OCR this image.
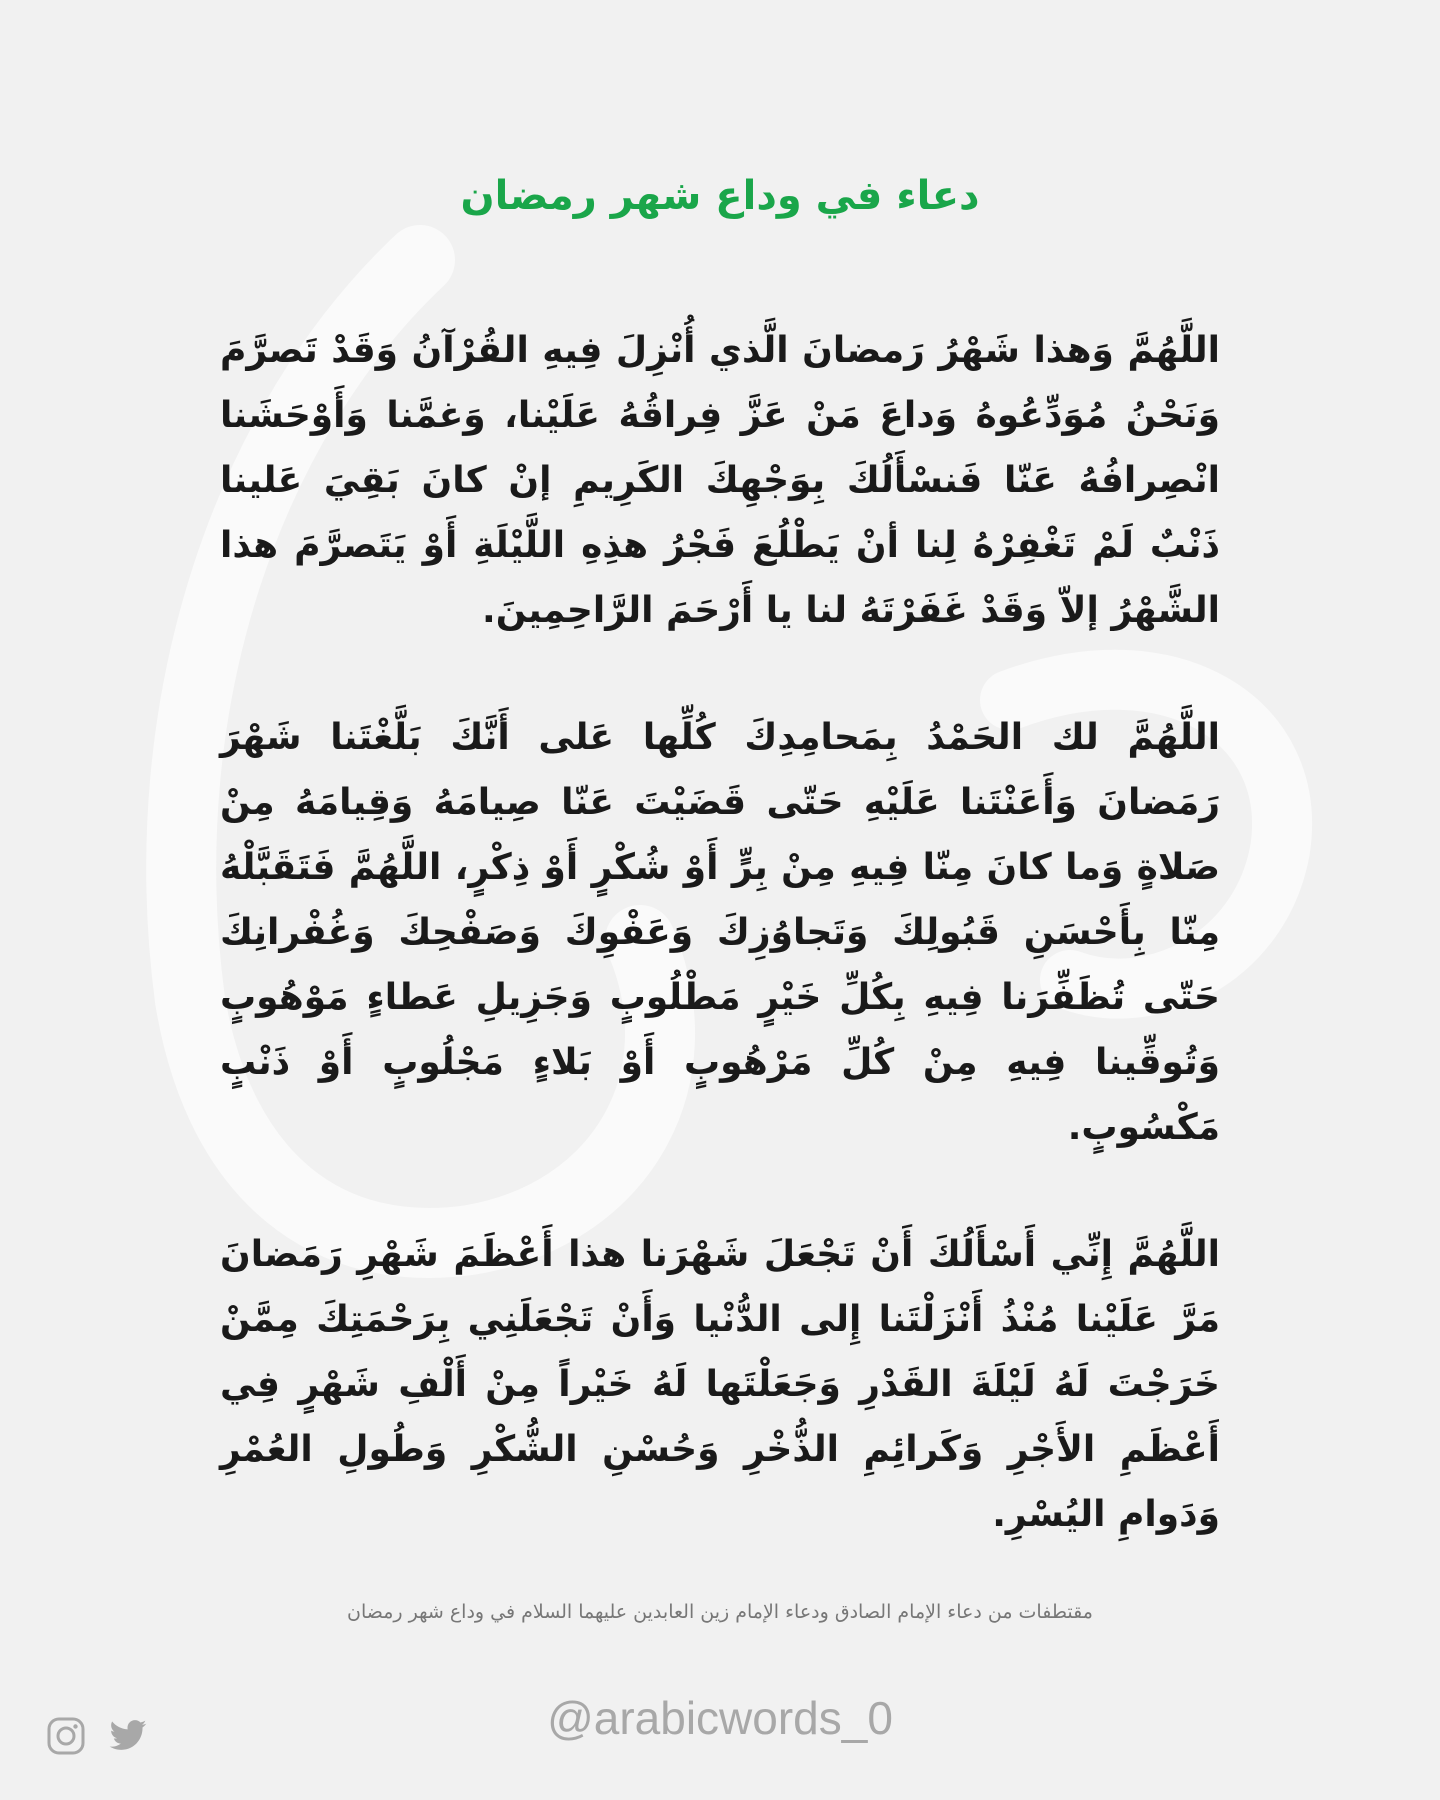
دعاء في وداع شهر رمضان

اللَّهُمَّ وَهذا شَهْرُ رَمضانَ الَّذي أُنْزِلَ فِيهِ القُرْآنُ وَقَدْ تَصرَّمَ وَنَحْنُ مُوَدِّعُوهُ وَداعَ مَنْ عَزَّ فِراقُهُ عَلَيْنا، وَغمَّنا وَأَوْحَشَنا انْصِرافُهُ عَنّا فَنسْأَلُكَ بِوَجْهِكَ الكَرِيمِ إنْ كانَ بَقِيَ عَلينا ذَنْبٌ لَمْ تَغْفِرْهُ لِنا أنْ يَطْلُعَ فَجْرُ هذِهِ اللَّيْلَةِ أَوْ يَتَصرَّمَ هذا الشَّهْرُ إلاّ وَقَدْ غَفَرْتَهُ لنا يا أَرْحَمَ الرَّاحِمِينَ.

اللَّهُمَّ لك الحَمْدُ بِمَحامِدِكَ كُلِّها عَلى أَنَّكَ بَلَّغْتَنا شَهْرَ رَمَضانَ وَأَعَنْتَنا عَلَيْهِ حَتّى قَضَيْتَ عَنّا صِيامَهُ وَقِيامَهُ مِنْ صَلاةٍ وَما كانَ مِنّا فِيهِ مِنْ بِرٍّ أَوْ شُكْرٍ أَوْ ذِكْرٍ، اللَّهُمَّ فَتَقَبَّلْهُ مِنّا بِأَحْسَنِ قَبُولِكَ وَتَجاوُزِكَ وَعَفْوِكَ وَصَفْحِكَ وَغُفْرانِكَ حَتّى تُظَفِّرَنا فِيهِ بِكُلِّ خَيْرٍ مَطْلُوبٍ وَجَزِيلِ عَطاءٍ مَوْهُوبٍ وَتُوقِّينا فِيهِ مِنْ كُلِّ مَرْهُوبٍ أَوْ بَلاءٍ مَجْلُوبٍ أَوْ ذَنْبٍ مَكْسُوبٍ.

اللَّهُمَّ إِنِّي أَسْأَلُكَ أَنْ تَجْعَلَ شَهْرَنا هذا أَعْظَمَ شَهْرِ رَمَضانَ مَرَّ عَلَيْنا مُنْذُ أَنْزَلْتَنا إِلى الدُّنْيا وَأَنْ تَجْعَلَنِي بِرَحْمَتِكَ مِمَّنْ خَرَجْتَ لَهُ لَيْلَةَ القَدْرِ وَجَعَلْتَها لَهُ خَيْراً مِنْ أَلْفِ شَهْرٍ فِي أَعْظَمِ الأَجْرِ وَكَرائِمِ الذُّخْرِ وَحُسْنِ الشُّكْرِ وَطُولِ العُمْرِ وَدَوامِ اليُسْرِ.

مقتطفات من دعاء الإمام الصادق ودعاء الإمام زين العابدين عليهما السلام في وداع شهر رمضان
@arabicwords_0
